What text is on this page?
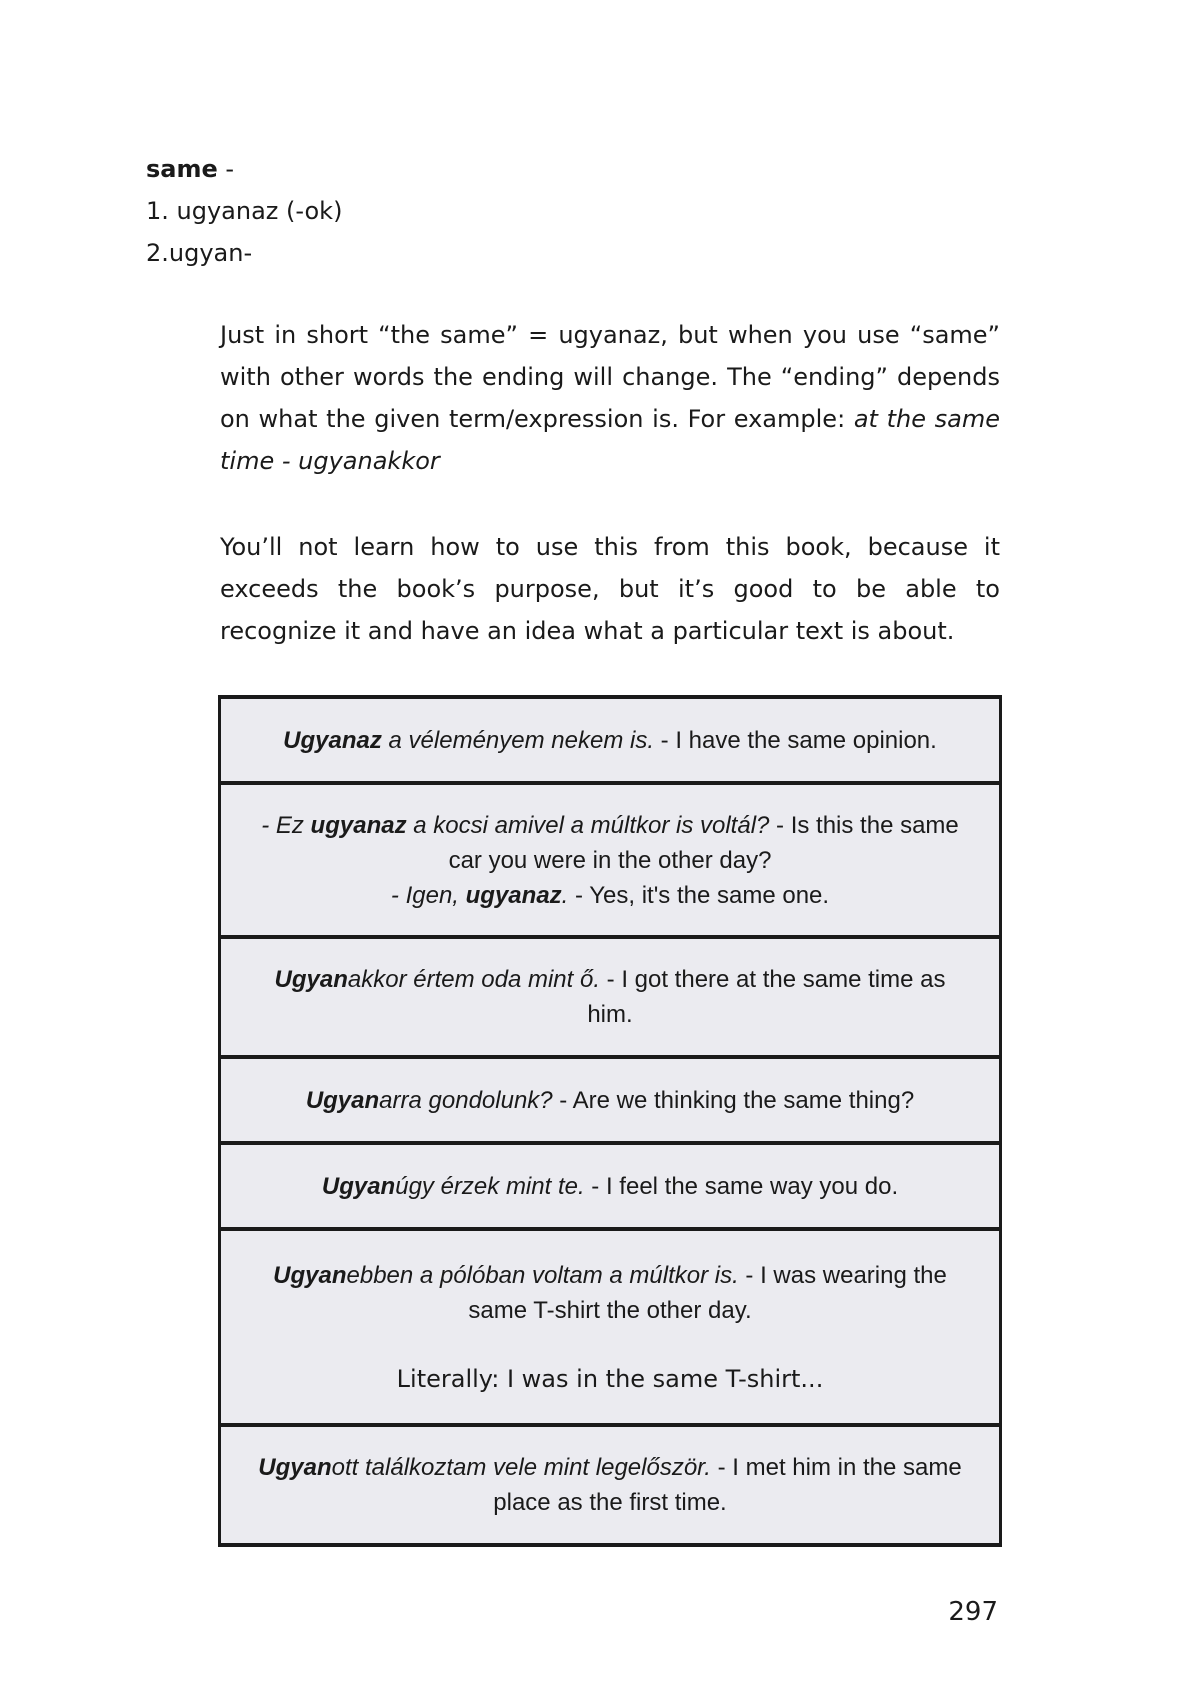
same -
1. ugyanaz (-ok)
2.ugyan-
Just in short “the same” = ugyanaz, but when you use “same” with other words the ending will change. The “ending” depends on what the given term/expression is. For example: at the same time - ugyanakkor
You’ll not learn how to use this from this book, because it exceeds the book’s purpose, but it’s good to be able to recognize it and have an idea what a particular text is about.
Ugyanaz a véleményem nekem is. - I have the same opinion.
- Ez ugyanaz a kocsi amivel a múltkor is voltál? - Is this the same car you were in the other day?
- Igen, ugyanaz. - Yes, it's the same one.
Ugyanakkor értem oda mint ő. - I got there at the same time as him.
Ugyanarra gondolunk? - Are we thinking the same thing?
Ugyanúgy érzek mint te. - I feel the same way you do.
Ugyanebben a pólóban voltam a múltkor is. - I was wearing the same T-shirt the other day.
Literally: I was in the same T-shirt...
Ugyanott találkoztam vele mint legelőször. - I met him in the same place as the first time.
297
